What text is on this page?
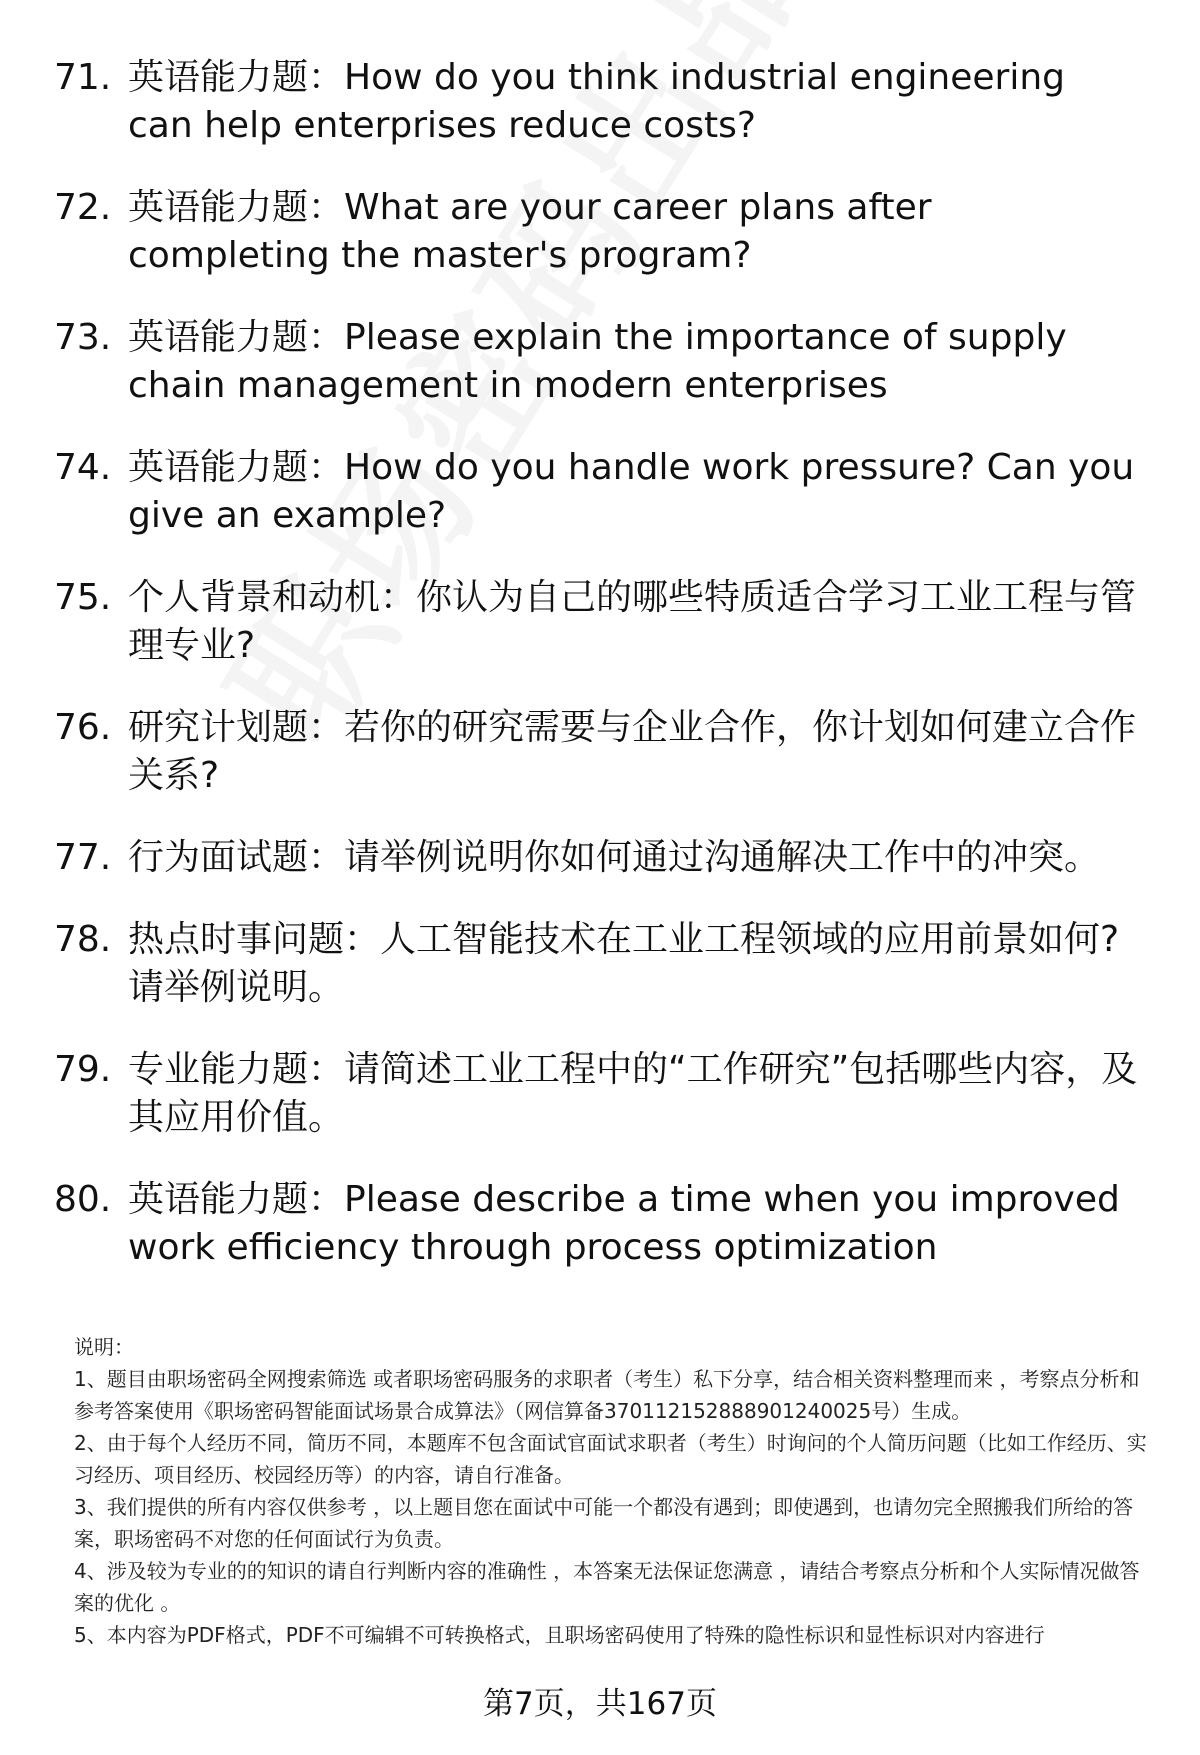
71. 英语能力题：How do you think industrial engineering can help enterprises reduce costs?
72. 英语能力题：What are your career plans after completing the master's program?
73. 英语能力题：Please explain the importance of supply chain management in modern enterprises
74. 英语能力题：How do you handle work pressure? Can you give an example?
75. 个人背景和动机：你认为自己的哪些特质适合学习工业工程与管理专业?
76. 研究计划题：若你的研究需要与企业合作，你计划如何建立合作关系?
77. 行为面试题：请举例说明你如何通过沟通解决工作中的冲突。
78. 热点时事问题：人工智能技术在工业工程领域的应用前景如何?请举例说明。
79. 专业能力题：请简述工业工程中的“工作研究”包括哪些内容，及其应用价值。
80. 英语能力题：Please describe a time when you improved work efficiency through process optimization

说明：

1、题目由职场密码全网搜索筛选 或者职场密码服务的求职者（考生）私下分享，结合相关资料整理而来 ，考察点分析和参考答案使用《职场密码智能面试场景合成算法》（网信算备370112152888901240025号）生成。

2、由于每个人经历不同，简历不同，本题库不包含面试官面试求职者（考生）时询问的个人简历问题（比如工作经历、实习经历、项目经历、校园经历等）的内容，请自行准备。

3、我们提供的所有内容仅供参考 ，以上题目您在面试中可能一个都没有遇到；即使遇到，也请勿完全照搬我们所给的答案，职场密码不对您的任何面试行为负责。

4、涉及较为专业的的知识的请自行判断内容的准确性 ，本答案无法保证您满意 ，请结合考察点分析和个人实际情况做答案的优化 。

5、本内容为PDF格式，PDF不可编辑不可转换格式，且职场密码使用了特殊的隐性标识和显性标识对内容进行

第7页，共167页
